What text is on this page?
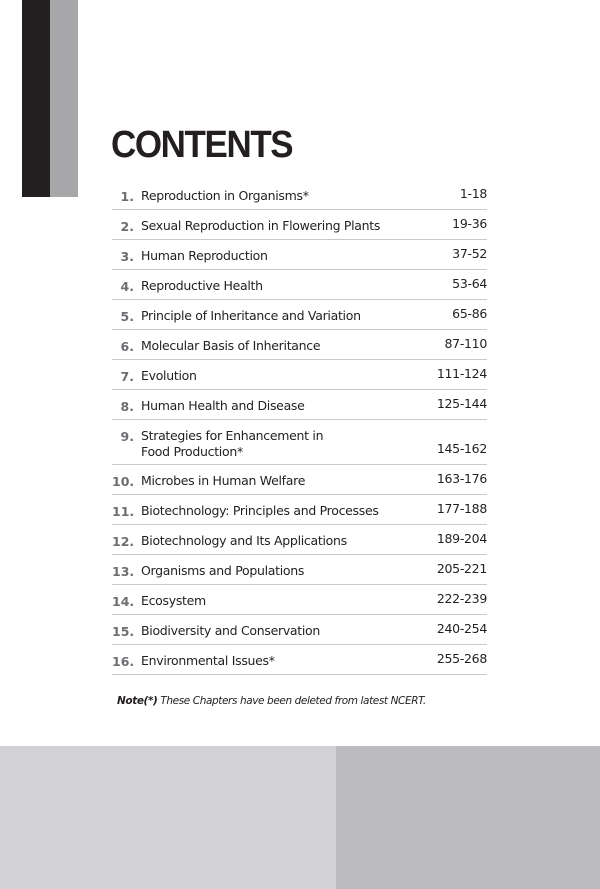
CONTENTS
1. Reproduction in Organisms*	1-18
2. Sexual Reproduction in Flowering Plants	19-36
3. Human Reproduction	37-52
4. Reproductive Health	53-64
5. Principle of Inheritance and Variation	65-86
6. Molecular Basis of Inheritance	87-110
7. Evolution	111-124
8. Human Health and Disease	125-144
9. Strategies for Enhancement in
Food Production*	145-162
10. Microbes in Human Welfare	163-176
11. Biotechnology: Principles and Processes	177-188
12. Biotechnology and Its Applications	189-204
13. Organisms and Populations	205-221
14. Ecosystem	222-239
15. Biodiversity and Conservation	240-254
16. Environmental Issues*	255-268
Note(*) These Chapters have been deleted from latest NCERT.
